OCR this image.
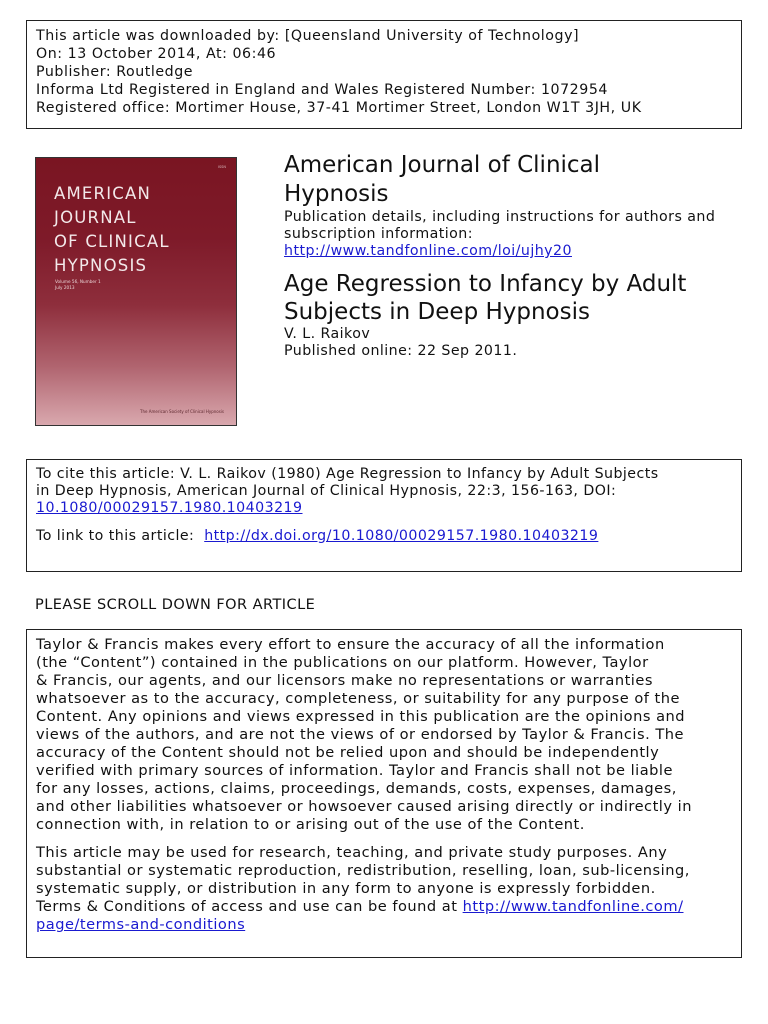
This article was downloaded by: [Queensland University of Technology]
On: 13 October 2014, At: 06:46
Publisher: Routledge
Informa Ltd Registered in England and Wales Registered Number: 1072954
Registered office: Mortimer House, 37-41 Mortimer Street, London W1T 3JH, UK
ISSN
AMERICAN
JOURNAL
OF CLINICAL
HYPNOSIS
Volume 56, Number 1
July 2013
The American Society of Clinical Hypnosis
American Journal of Clinical
Hypnosis
Publication details, including instructions for authors and
subscription information:
http://www.tandfonline.com/loi/ujhy20
Age Regression to Infancy by Adult
Subjects in Deep Hypnosis
V. L. Raikov
Published online: 22 Sep 2011.
To cite this article: V. L. Raikov (1980) Age Regression to Infancy by Adult Subjects
in Deep Hypnosis, American Journal of Clinical Hypnosis, 22:3, 156-163, DOI:
10.1080/00029157.1980.10403219
To link to this article: http://dx.doi.org/10.1080/00029157.1980.10403219
PLEASE SCROLL DOWN FOR ARTICLE
Taylor & Francis makes every effort to ensure the accuracy of all the information
(the “Content”) contained in the publications on our platform. However, Taylor
& Francis, our agents, and our licensors make no representations or warranties
whatsoever as to the accuracy, completeness, or suitability for any purpose of the
Content. Any opinions and views expressed in this publication are the opinions and
views of the authors, and are not the views of or endorsed by Taylor & Francis. The
accuracy of the Content should not be relied upon and should be independently
verified with primary sources of information. Taylor and Francis shall not be liable
for any losses, actions, claims, proceedings, demands, costs, expenses, damages,
and other liabilities whatsoever or howsoever caused arising directly or indirectly in
connection with, in relation to or arising out of the use of the Content.
This article may be used for research, teaching, and private study purposes. Any
substantial or systematic reproduction, redistribution, reselling, loan, sub-licensing,
systematic supply, or distribution in any form to anyone is expressly forbidden.
Terms & Conditions of access and use can be found at http://www.tandfonline.com/
page/terms-and-conditions
